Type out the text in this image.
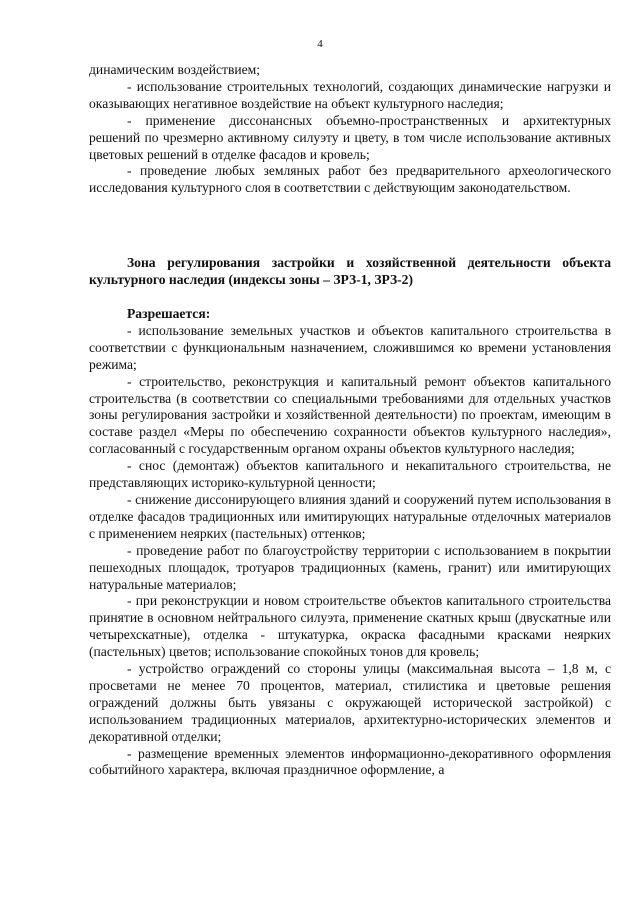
4

динамическим воздействием;

- использование строительных технологий, создающих динамические нагрузки и оказывающих негативное воздействие на объект культурного наследия;

- применение диссонансных объемно-пространственных и архитектурных решений по чрезмерно активному силуэту и цвету, в том числе использование активных цветовых решений в отделке фасадов и кровель;

- проведение любых земляных работ без предварительного археологического исследования культурного слоя в соответствии с действующим законодательством.

Зона регулирования застройки и хозяйственной деятельности объекта культурного наследия (индексы зоны – ЗРЗ-1, ЗРЗ-2)

Разрешается:

- использование земельных участков и объектов капитального строительства в соответствии с функциональным назначением, сложившимся ко времени установления режима;

- строительство, реконструкция и капитальный ремонт объектов капитального строительства (в соответствии со специальными требованиями для отдельных участков зоны регулирования застройки и хозяйственной деятельности) по проектам, имеющим в составе раздел «Меры по обеспечению сохранности объектов культурного наследия», согласованный с государственным органом охраны объектов культурного наследия;

- снос (демонтаж) объектов капитального и некапитального строительства, не представляющих историко-культурной ценности;

- снижение диссонирующего влияния зданий и сооружений путем использования в отделке фасадов традиционных или имитирующих натуральные отделочных материалов с применением неярких (пастельных) оттенков;

- проведение работ по благоустройству территории с использованием в покрытии пешеходных площадок, тротуаров традиционных (камень, гранит) или имитирующих натуральные материалов;

- при реконструкции и новом строительстве объектов капитального строительства принятие в основном нейтрального силуэта, применение скатных крыш (двускатные или четырехскатные), отделка - штукатурка, окраска фасадными красками неярких (пастельных) цветов; использование спокойных тонов для кровель;

- устройство ограждений со стороны улицы (максимальная высота – 1,8 м, с просветами не менее 70 процентов, материал, стилистика и цветовые решения ограждений должны быть увязаны с окружающей исторической застройкой) с использованием традиционных материалов, архитектурно-исторических элементов и декоративной отделки;

- размещение временных элементов информационно-декоративного оформления событийного характера, включая праздничное оформление, а
